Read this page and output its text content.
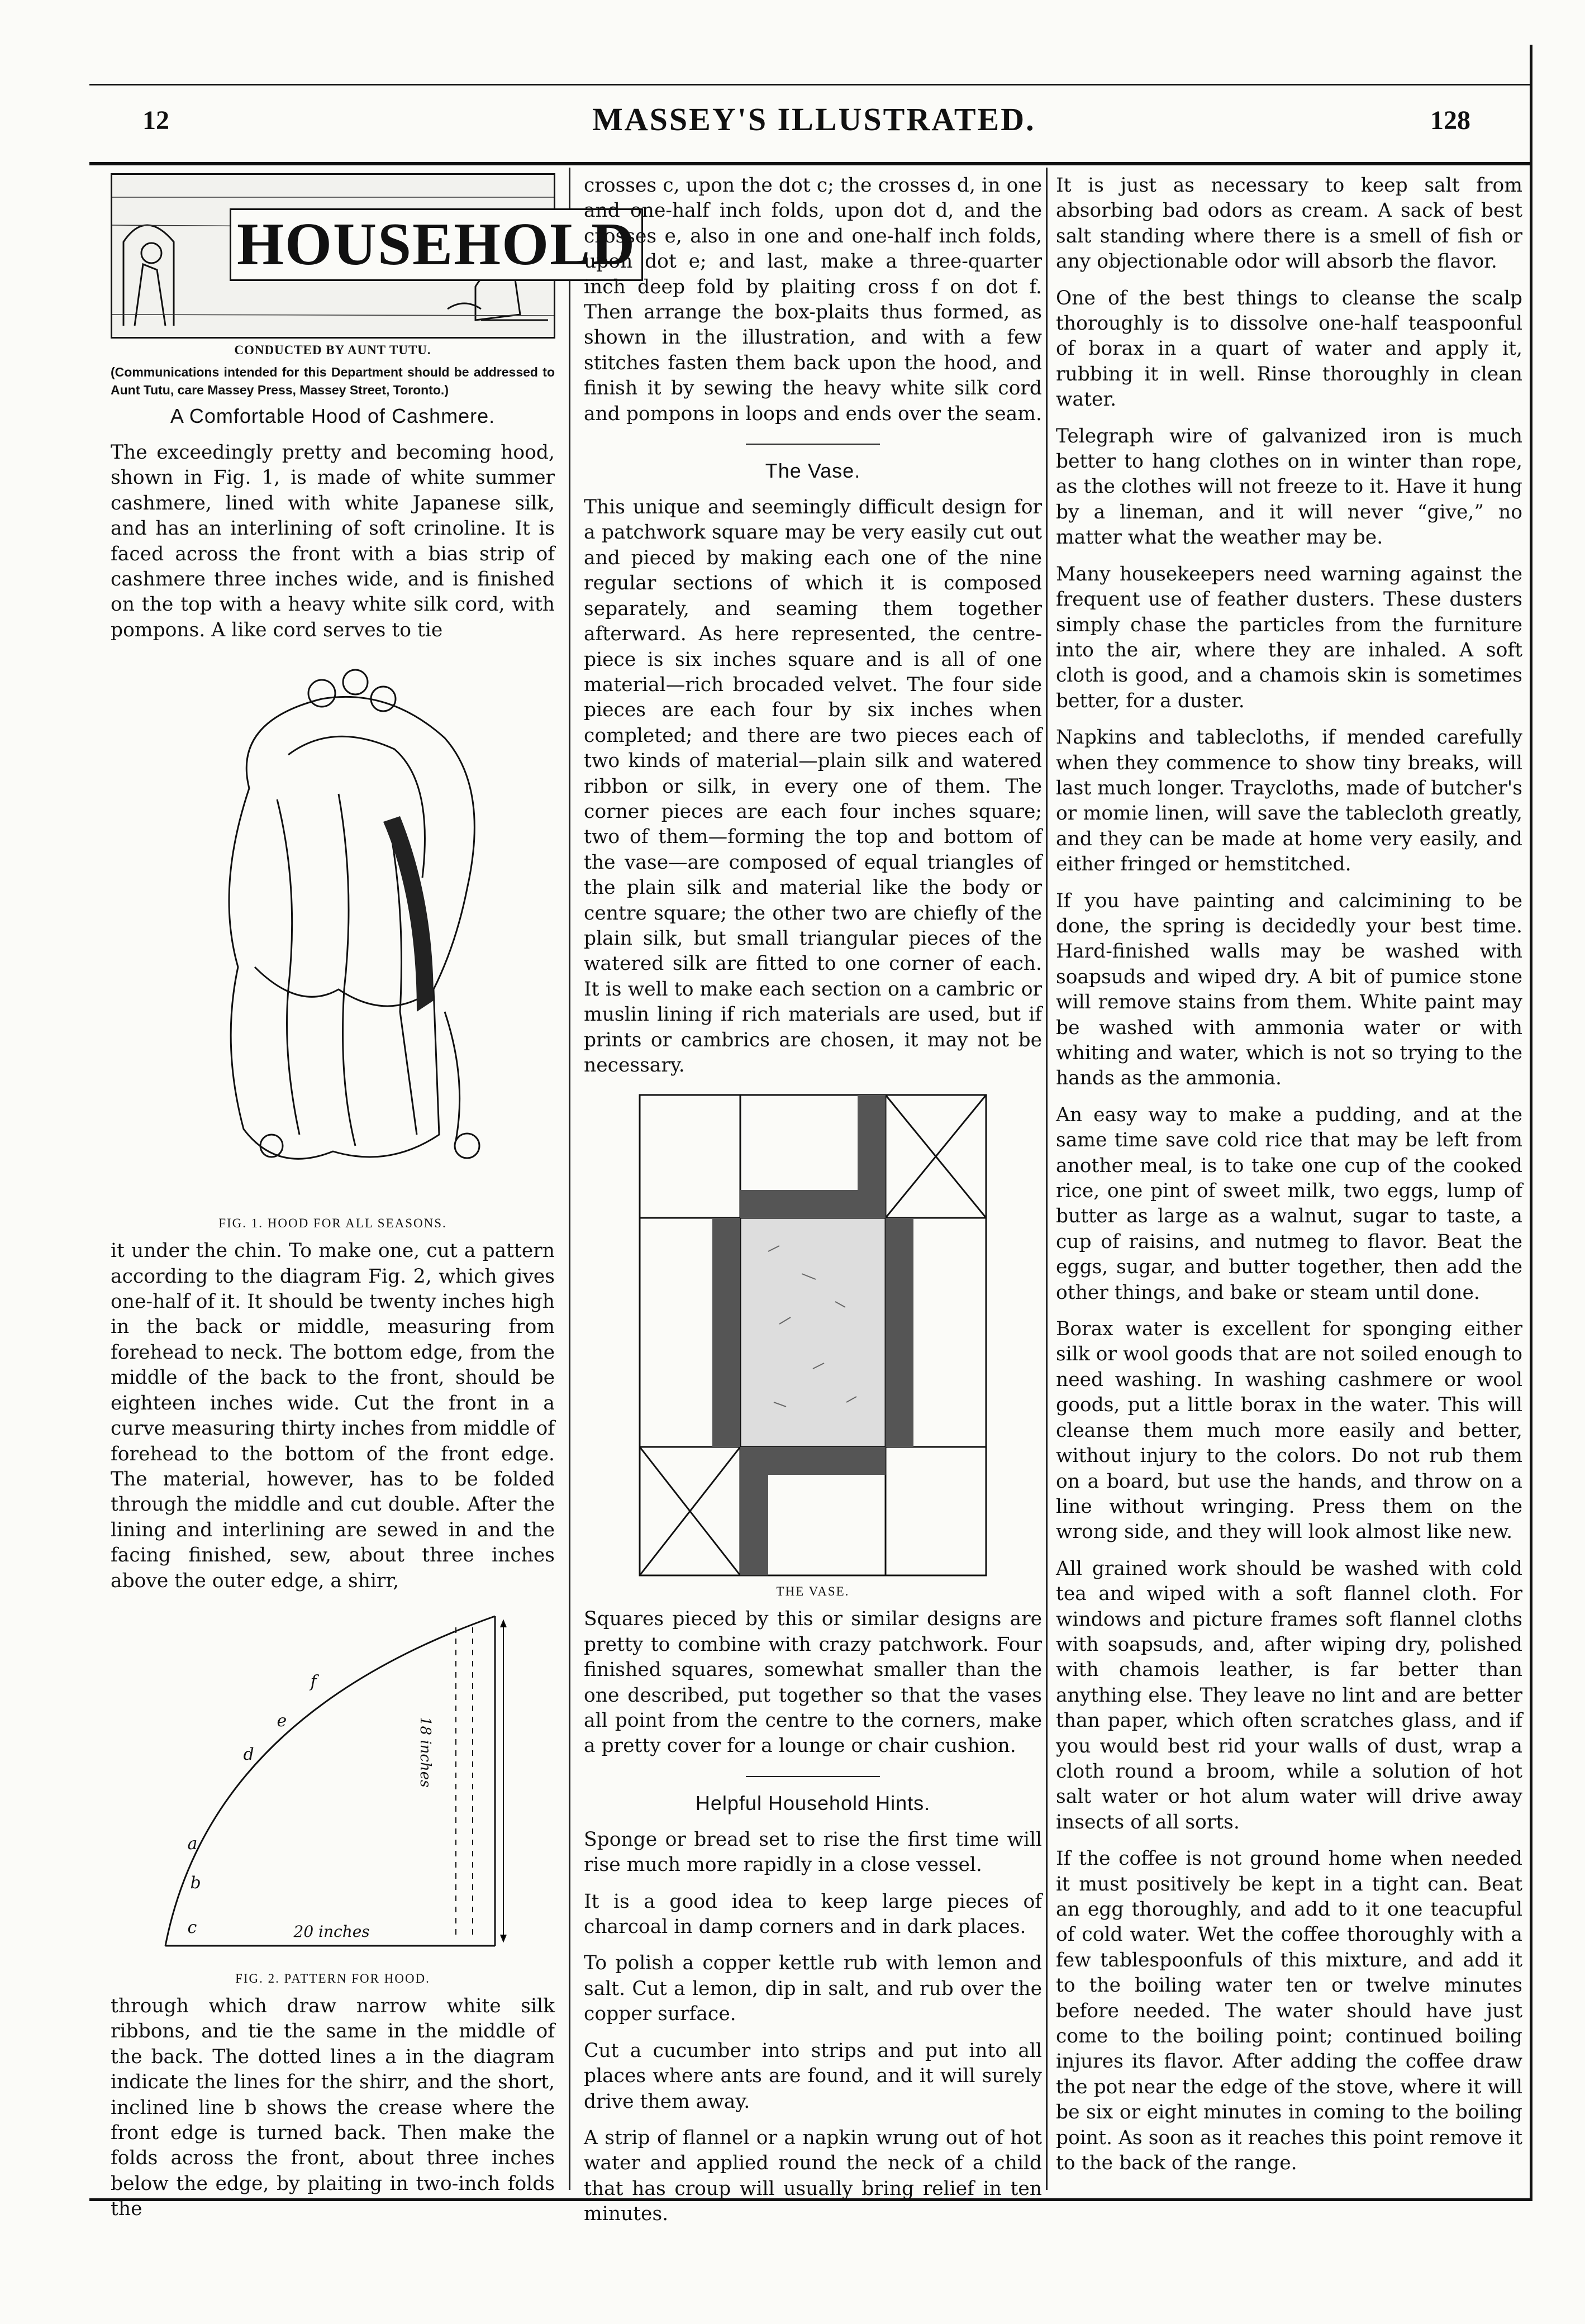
12	MASSEY'S ILLUSTRATED.	128
HOUSEHOLD
CONDUCTED BY AUNT TUTU.
(Communications intended for this Department should be addressed to Aunt Tutu, care Massey Press, Massey Street, Toronto.)
A Comfortable Hood of Cashmere.

The exceedingly pretty and becoming hood, shown in Fig. 1, is made of white summer cashmere, lined with white Japanese silk, and has an interlining of soft crinoline. It is faced across the front with a bias strip of cashmere three inches wide, and is finished on the top with a heavy white silk cord, with pompons. A like cord serves to tie

FIG. 1. HOOD FOR ALL SEASONS.

it under the chin. To make one, cut a pattern according to the diagram Fig. 2, which gives one-half of it. It should be twenty inches high in the back or middle, measuring from forehead to neck. The bottom edge, from the middle of the back to the front, should be eighteen inches wide. Cut the front in a curve measuring thirty inches from middle of forehead to the bottom of the front edge. The material, however, has to be folded through the middle and cut double. After the lining and interlining are sewed in and the facing finished, sew, about three inches above the outer edge, a shirr,

c
b
a
d
e
f
20 inches
18 inches
FIG. 2. PATTERN FOR HOOD.

through which draw narrow white silk ribbons, and tie the same in the middle of the back. The dotted lines a in the diagram indicate the lines for the shirr, and the short, inclined line b shows the crease where the front edge is turned back. Then make the folds across the front, about three inches below the edge, by plaiting in two-inch folds the

crosses c, upon the dot c; the crosses d, in one and one-half inch folds, upon dot d, and the crosses e, also in one and one-half inch folds, upon dot e; and last, make a three-quarter inch deep fold by plaiting cross f on dot f. Then arrange the box-plaits thus formed, as shown in the illustration, and with a few stitches fasten them back upon the hood, and finish it by sewing the heavy white silk cord and pompons in loops and ends over the seam.

The Vase.

This unique and seemingly difficult design for a patchwork square may be very easily cut out and pieced by making each one of the nine regular sections of which it is composed separately, and seaming them together afterward. As here represented, the centre-piece is six inches square and is all of one material—rich brocaded velvet. The four side pieces are each four by six inches when completed; and there are two pieces each of two kinds of material—plain silk and watered ribbon or silk, in every one of them. The corner pieces are each four inches square; two of them—forming the top and bottom of the vase—are composed of equal triangles of the plain silk and material like the body or centre square; the other two are chiefly of the plain silk, but small triangular pieces of the watered silk are fitted to one corner of each. It is well to make each section on a cambric or muslin lining if rich materials are used, but if prints or cambrics are chosen, it may not be necessary.

THE VASE.

Squares pieced by this or similar designs are pretty to combine with crazy patchwork. Four finished squares, somewhat smaller than the one described, put together so that the vases all point from the centre to the corners, make a pretty cover for a lounge or chair cushion.

Helpful Household Hints.

Sponge or bread set to rise the first time will rise much more rapidly in a close vessel.

It is a good idea to keep large pieces of charcoal in damp corners and in dark places.

To polish a copper kettle rub with lemon and salt. Cut a lemon, dip in salt, and rub over the copper surface.

Cut a cucumber into strips and put into all places where ants are found, and it will surely drive them away.

A strip of flannel or a napkin wrung out of hot water and applied round the neck of a child that has croup will usually bring relief in ten minutes.

It is just as necessary to keep salt from absorbing bad odors as cream. A sack of best salt standing where there is a smell of fish or any objectionable odor will absorb the flavor.

One of the best things to cleanse the scalp thoroughly is to dissolve one-half teaspoonful of borax in a quart of water and apply it, rubbing it in well. Rinse thoroughly in clean water.

Telegraph wire of galvanized iron is much better to hang clothes on in winter than rope, as the clothes will not freeze to it. Have it hung by a lineman, and it will never “give,” no matter what the weather may be.

Many housekeepers need warning against the frequent use of feather dusters. These dusters simply chase the particles from the furniture into the air, where they are inhaled. A soft cloth is good, and a chamois skin is sometimes better, for a duster.

Napkins and tablecloths, if mended carefully when they commence to show tiny breaks, will last much longer. Traycloths, made of butcher's or momie linen, will save the tablecloth greatly, and they can be made at home very easily, and either fringed or hemstitched.

If you have painting and calcimining to be done, the spring is decidedly your best time. Hard-finished walls may be washed with soapsuds and wiped dry. A bit of pumice stone will remove stains from them. White paint may be washed with ammonia water or with whiting and water, which is not so trying to the hands as the ammonia.

An easy way to make a pudding, and at the same time save cold rice that may be left from another meal, is to take one cup of the cooked rice, one pint of sweet milk, two eggs, lump of butter as large as a walnut, sugar to taste, a cup of raisins, and nutmeg to flavor. Beat the eggs, sugar, and butter together, then add the other things, and bake or steam until done.

Borax water is excellent for sponging either silk or wool goods that are not soiled enough to need washing. In washing cashmere or wool goods, put a little borax in the water. This will cleanse them much more easily and better, without injury to the colors. Do not rub them on a board, but use the hands, and throw on a line without wringing. Press them on the wrong side, and they will look almost like new.

All grained work should be washed with cold tea and wiped with a soft flannel cloth. For windows and picture frames soft flannel cloths with soapsuds, and, after wiping dry, polished with chamois leather, is far better than anything else. They leave no lint and are better than paper, which often scratches glass, and if you would best rid your walls of dust, wrap a cloth round a broom, while a solution of hot salt water or hot alum water will drive away insects of all sorts.

If the coffee is not ground home when needed it must positively be kept in a tight can. Beat an egg thoroughly, and add to it one teacupful of cold water. Wet the coffee thoroughly with a few tablespoonfuls of this mixture, and add it to the boiling water ten or twelve minutes before needed. The water should have just come to the boiling point; continued boiling injures its flavor. After adding the coffee draw the pot near the edge of the stove, where it will be six or eight minutes in coming to the boiling point. As soon as it reaches this point remove it to the back of the range.
